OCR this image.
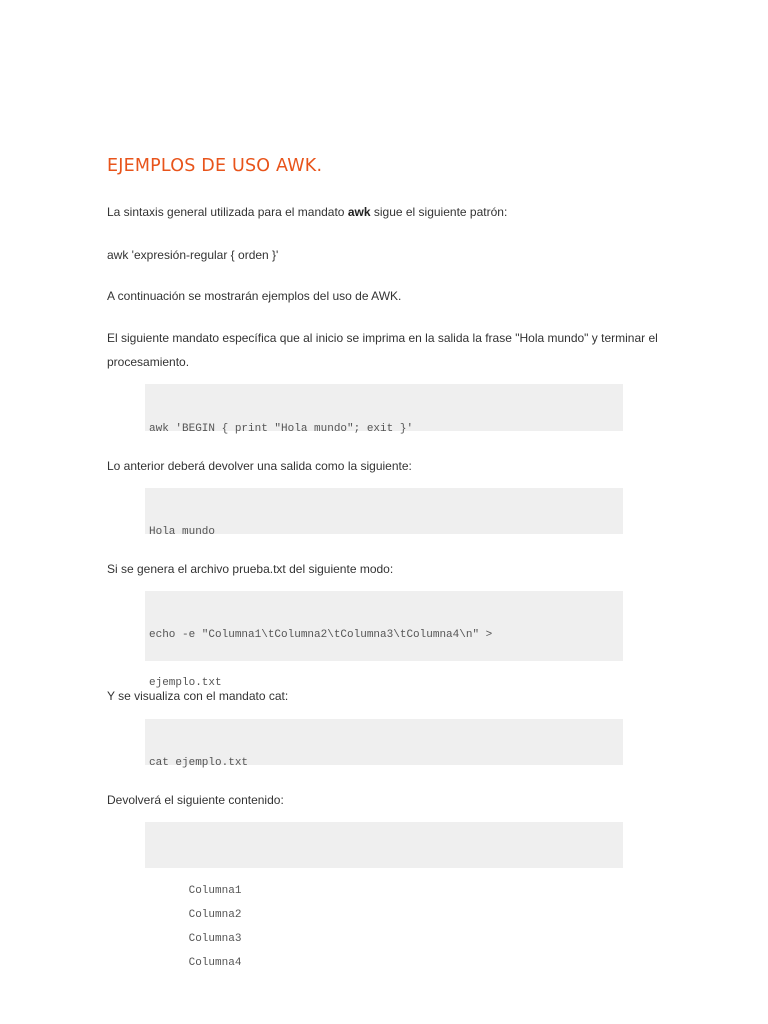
EJEMPLOS DE USO AWK.

La sintaxis general utilizada para el mandato awk sigue el siguiente patrón:

awk 'expresión-regular { orden }'

A continuación se mostrarán ejemplos del uso de AWK.

El siguiente mandato específica que al inicio se imprima en la salida la frase "Hola mundo" y terminar el procesamiento.

awk 'BEGIN { print "Hola mundo"; exit }'

Lo anterior deberá devolver una salida como la siguiente:

Hola mundo

Si se genera el archivo prueba.txt del siguiente modo:

echo -e "Columna1\tColumna2\tColumna3\tColumna4\n" >

ejemplo.txt

Y se visualiza con el mandato cat:

cat ejemplo.txt

Devolverá el siguiente contenido:

Columna1
Columna2
Columna3
Columna4
